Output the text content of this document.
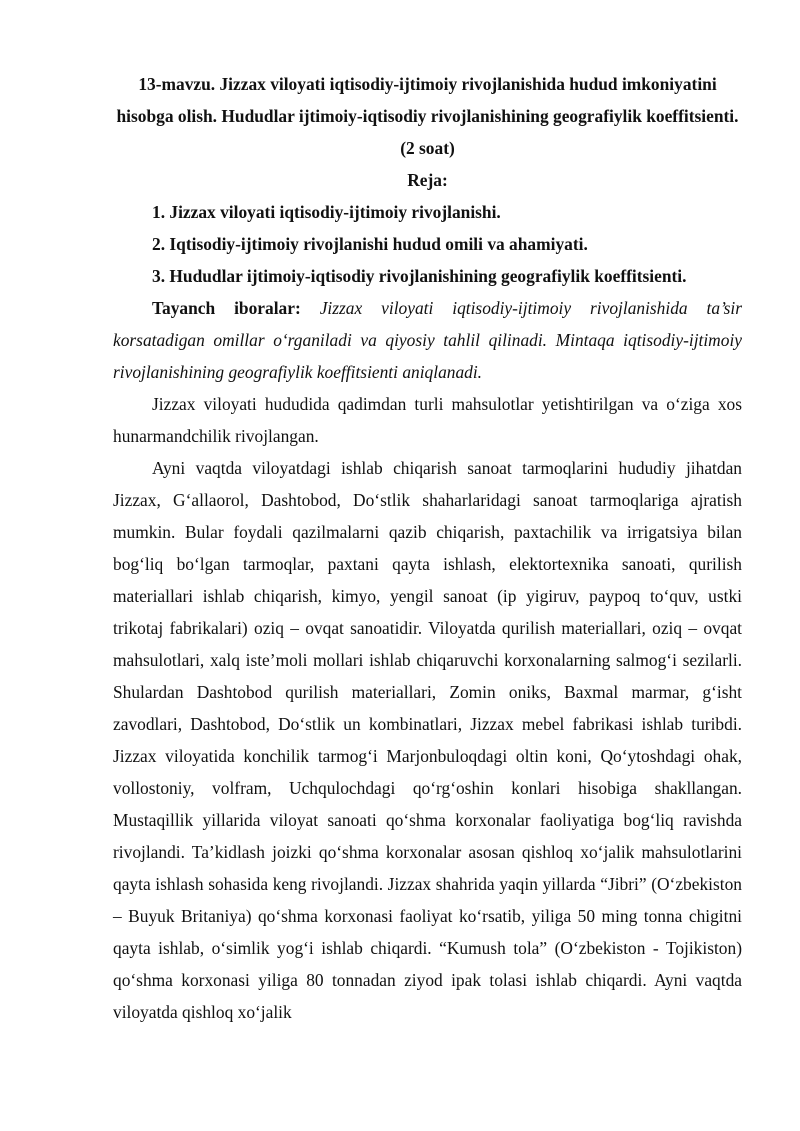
13-mavzu. Jizzax viloyati iqtisodiy-ijtimoiy rivojlanishida hudud imkoniyatini hisobga olish. Hududlar ijtimoiy-iqtisodiy rivojlanishining geografiylik koeffitsienti. (2 soat)
Reja:
1. Jizzax viloyati iqtisodiy-ijtimoiy rivojlanishi.
2. Iqtisodiy-ijtimoiy rivojlanishi hudud omili va ahamiyati.
3. Hududlar ijtimoiy-iqtisodiy rivojlanishining geografiylik koeffitsienti.

Tayanch iboralar: Jizzax viloyati iqtisodiy-ijtimoiy rivojlanishida ta’sir korsatadigan omillar o‘rganiladi va qiyosiy tahlil qilinadi. Mintaqa iqtisodiy-ijtimoiy rivojlanishining geografiylik koeffitsienti aniqlanadi.

Jizzax viloyati hududida qadimdan turli mahsulotlar yetishtirilgan va o‘ziga xos hunarmandchilik rivojlangan.

Ayni vaqtda viloyatdagi ishlab chiqarish sanoat tarmoqlarini hududiy jihatdan Jizzax, G‘allaorol, Dashtobod, Do‘stlik shaharlaridagi sanoat tarmoqlariga ajratish mumkin. Bular foydali qazilmalarni qazib chiqarish, paxtachilik va irrigatsiya bilan bog‘liq bo‘lgan tarmoqlar, paxtani qayta ishlash, elektortexnika sanoati, qurilish materiallari ishlab chiqarish, kimyo, yengil sanoat (ip yigiruv, paypoq to‘quv, ustki trikotaj fabrikalari) oziq – ovqat sanoatidir. Viloyatda qurilish materiallari, oziq – ovqat mahsulotlari, xalq iste’moli mollari ishlab chiqaruvchi korxonalarning salmog‘i sezilarli. Shulardan Dashtobod qurilish materiallari, Zomin oniks, Baxmal marmar, g‘isht zavodlari, Dashtobod, Do‘stlik un kombinatlari, Jizzax mebel fabrikasi ishlab turibdi. Jizzax viloyatida konchilik tarmog‘i Marjonbuloqdagi oltin koni, Qo‘ytoshdagi ohak, vollostoniy, volfram, Uchqulochdagi qo‘rg‘oshin konlari hisobiga shakllangan. Mustaqillik yillarida viloyat sanoati qo‘shma korxonalar faoliyatiga bog‘liq ravishda rivojlandi. Ta’kidlash joizki qo‘shma korxonalar asosan qishloq xo‘jalik mahsulotlarini qayta ishlash sohasida keng rivojlandi. Jizzax shahrida yaqin yillarda “Jibri” (O‘zbekiston – Buyuk Britaniya) qo‘shma korxonasi faoliyat ko‘rsatib, yiliga 50 ming tonna chigitni qayta ishlab, o‘simlik yog‘i ishlab chiqardi. “Kumush tola” (O‘zbekiston - Tojikiston) qo‘shma korxonasi yiliga 80 tonnadan ziyod ipak tolasi ishlab chiqardi. Ayni vaqtda viloyatda qishloq xo‘jalik
